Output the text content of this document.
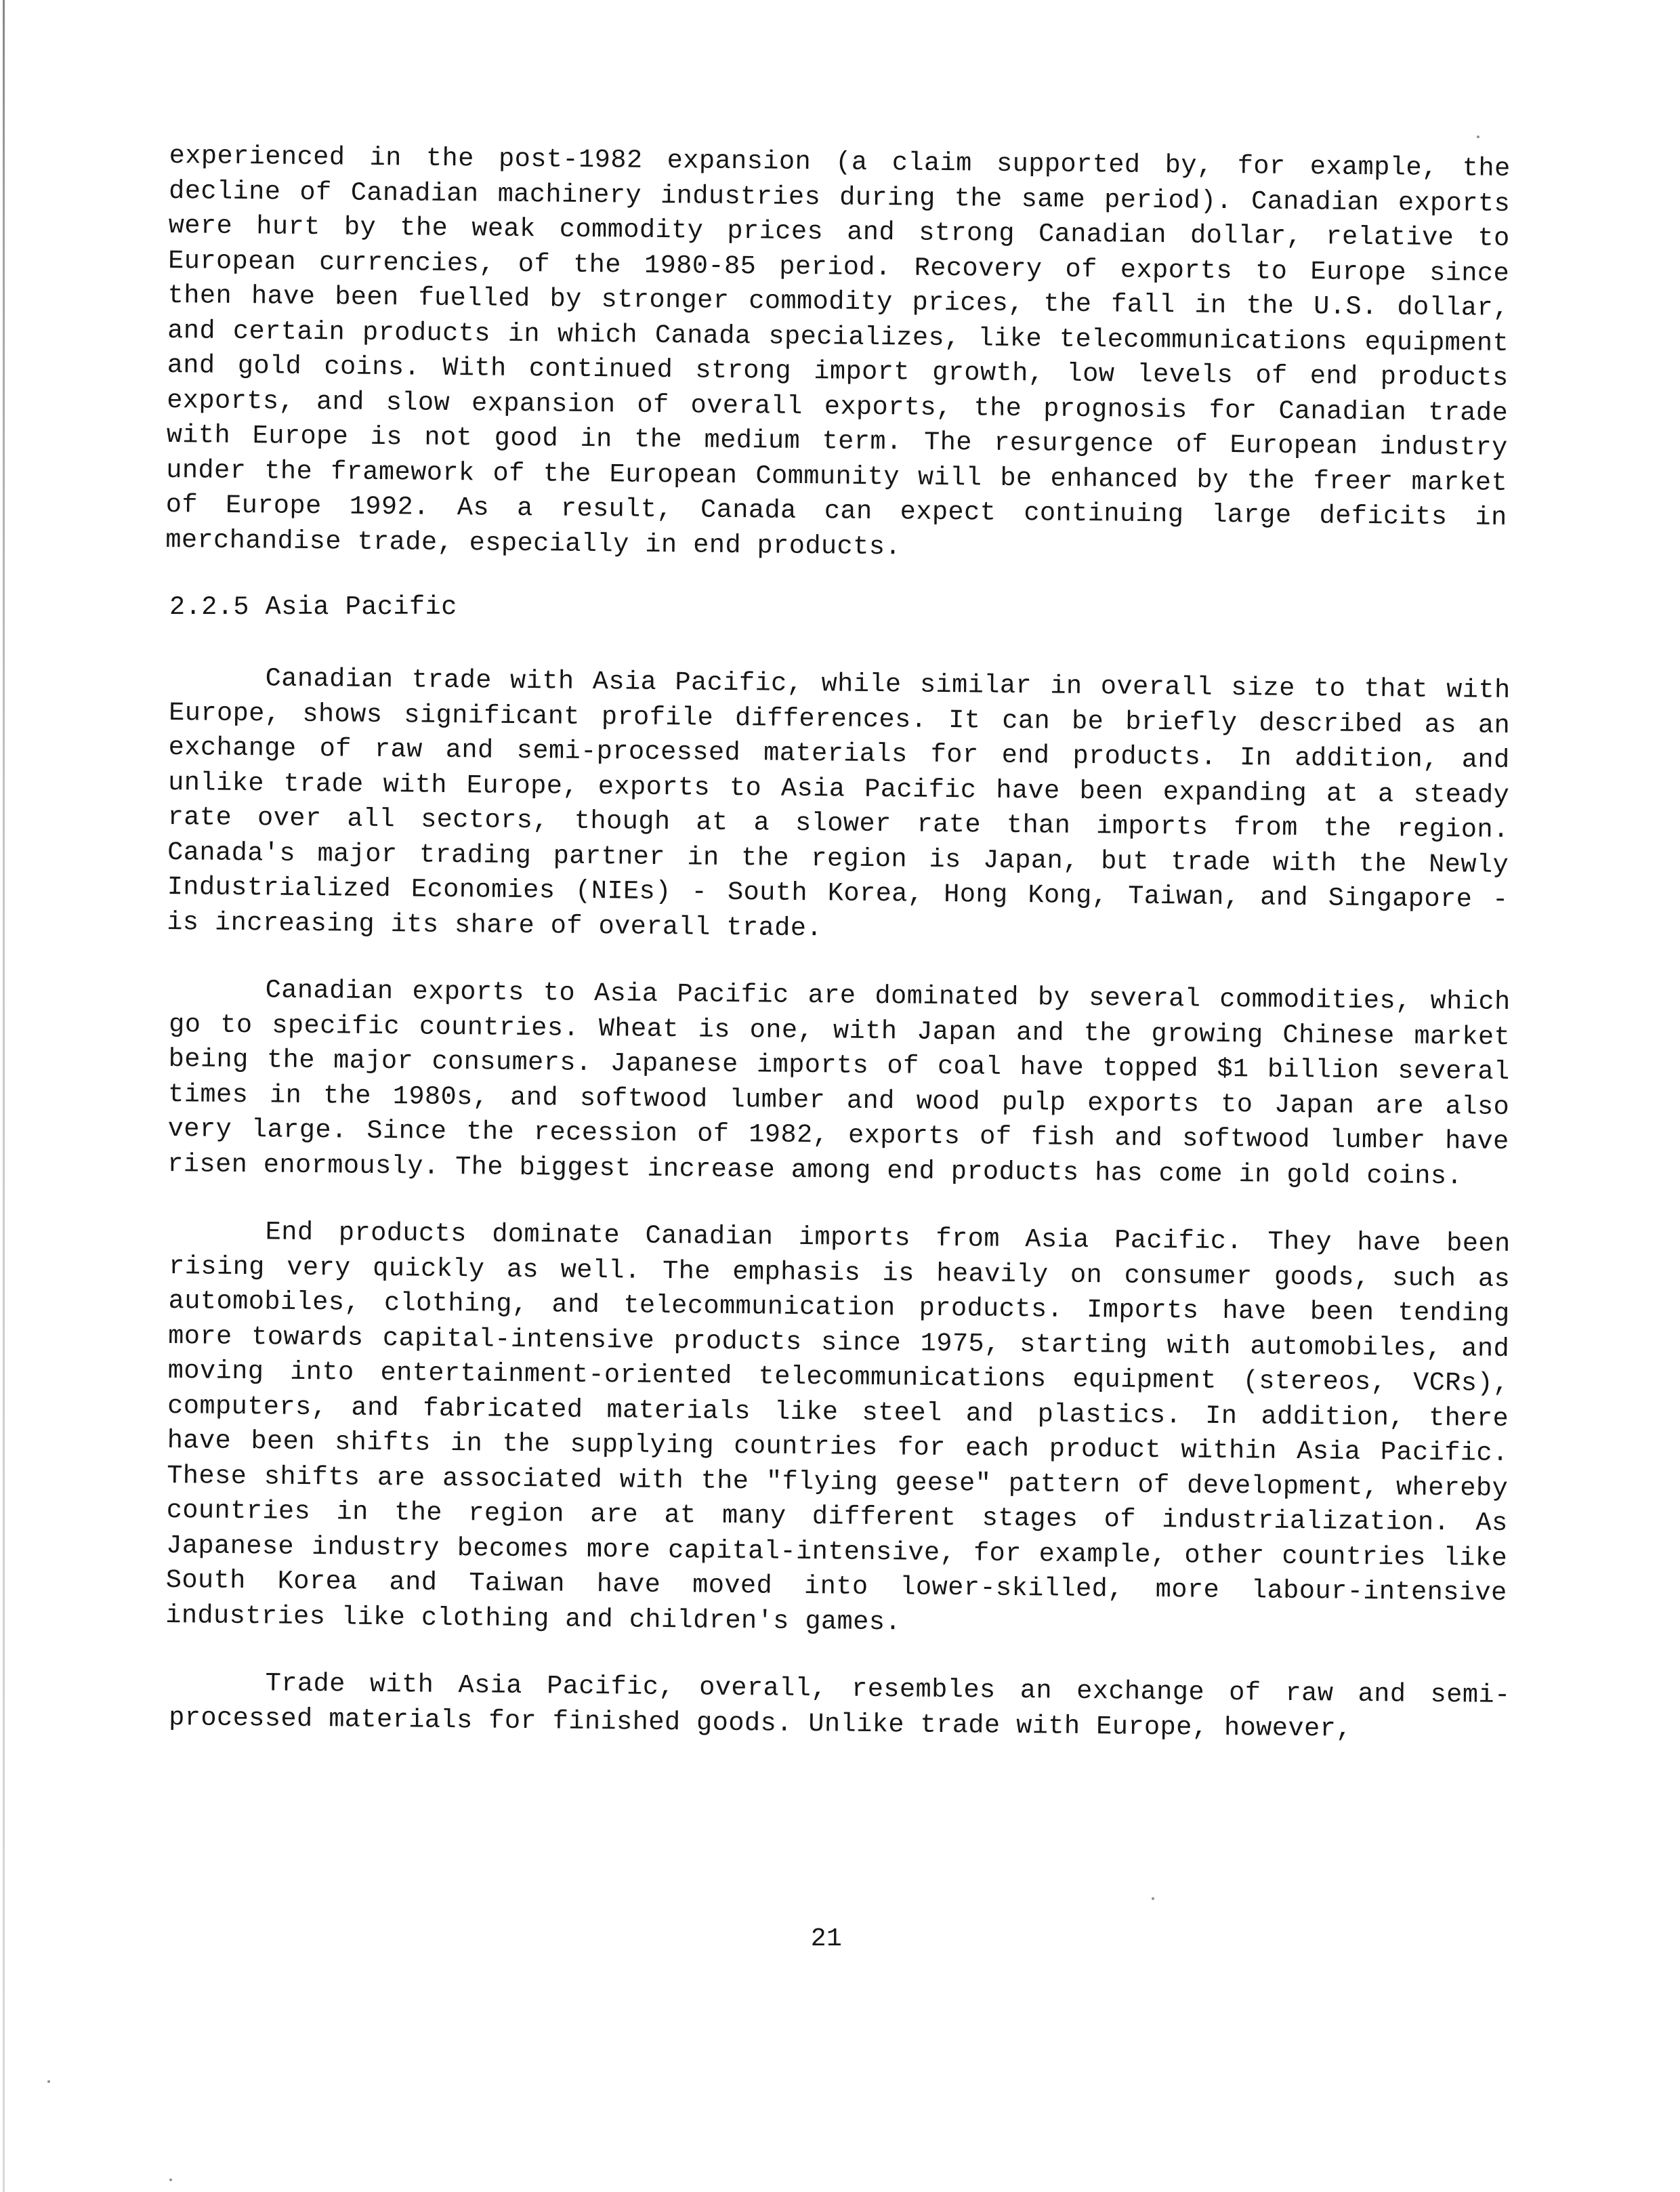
experienced in the post-1982 expansion (a claim supported by, for example, the decline of Canadian machinery industries during the same period). Canadian exports were hurt by the weak commodity prices and strong Canadian dollar, relative to European currencies, of the 1980-85 period. Recovery of exports to Europe since then have been fuelled by stronger commodity prices, the fall in the U.S. dollar, and certain products in which Canada specializes, like telecommunications equipment and gold coins. With continued strong import growth, low levels of end products exports, and slow expansion of overall exports, the prognosis for Canadian trade with Europe is not good in the medium term. The resurgence of European industry under the framework of the European Community will be enhanced by the freer market of Europe 1992. As a result, Canada can expect continuing large deficits in merchandise trade, especially in end products.

2.2.5 Asia Pacific

Canadian trade with Asia Pacific, while similar in overall size to that with Europe, shows significant profile differences. It can be briefly described as an exchange of raw and semi-processed materials for end products. In addition, and unlike trade with Europe, exports to Asia Pacific have been expanding at a steady rate over all sectors, though at a slower rate than imports from the region. Canada's major trading partner in the region is Japan, but trade with the Newly Industrialized Economies (NIEs) - South Korea, Hong Kong, Taiwan, and Singapore - is increasing its share of overall trade.

Canadian exports to Asia Pacific are dominated by several commodities, which go to specific countries. Wheat is one, with Japan and the growing Chinese market being the major consumers. Japanese imports of coal have topped $1 billion several times in the 1980s, and softwood lumber and wood pulp exports to Japan are also very large. Since the recession of 1982, exports of fish and softwood lumber have risen enormously. The biggest increase among end products has come in gold coins.

End products dominate Canadian imports from Asia Pacific. They have been rising very quickly as well. The emphasis is heavily on consumer goods, such as automobiles, clothing, and telecommunication products. Imports have been tending more towards capital-intensive products since 1975, starting with automobiles, and moving into entertainment-oriented telecommunications equipment (stereos, VCRs), computers, and fabricated materials like steel and plastics. In addition, there have been shifts in the supplying countries for each product within Asia Pacific. These shifts are associated with the "flying geese" pattern of development, whereby countries in the region are at many different stages of industrialization. As Japanese industry becomes more capital-intensive, for example, other countries like South Korea and Taiwan have moved into lower-skilled, more labour-intensive industries like clothing and children's games.

Trade with Asia Pacific, overall, resembles an exchange of raw and semi-processed materials for finished goods. Unlike trade with Europe, however,

21
